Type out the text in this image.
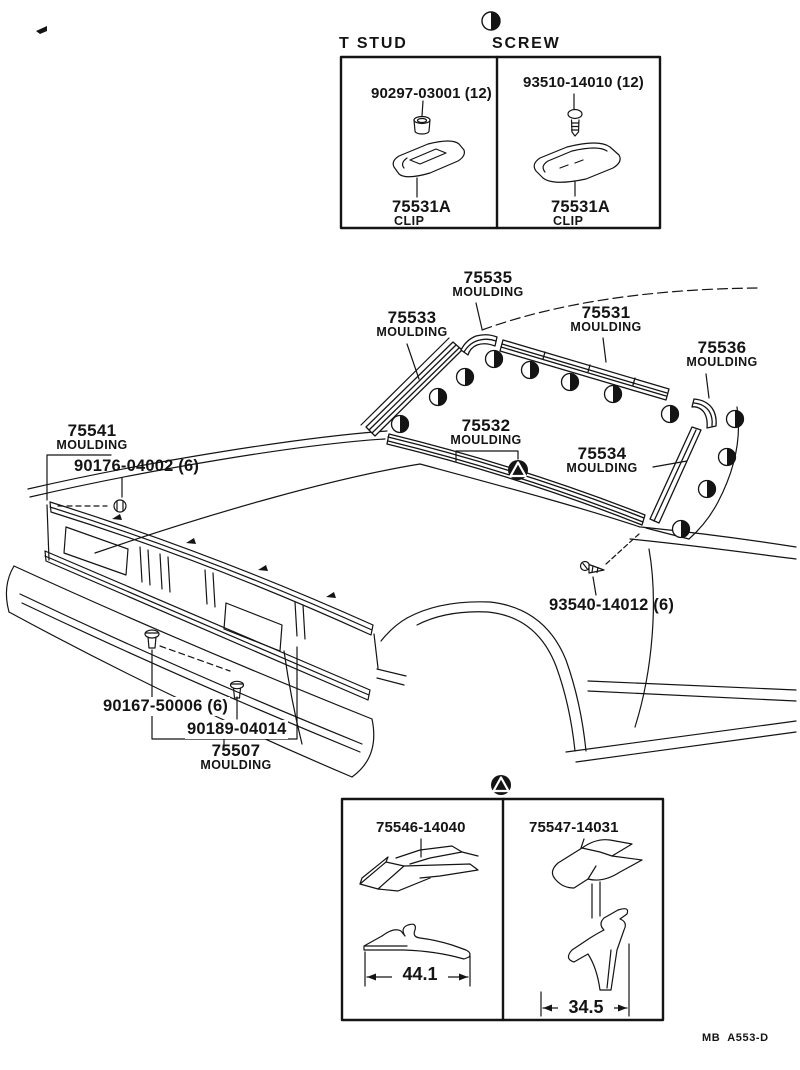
T STUD	SCREW
90297-03001 (12)
93510-14010 (12)
75531A
CLIP
75531A
CLIP
75535
MOULDING
75533
MOULDING
75531
MOULDING
75536
MOULDING
75532
MOULDING
75534
MOULDING
75541
MOULDING
75507
MOULDING
90176-04002 (6)
90167-50006 (6)
90189-04014
93540-14012 (6)
75546-14040	75547-14031
44.1
34.5
MB  A553-D
